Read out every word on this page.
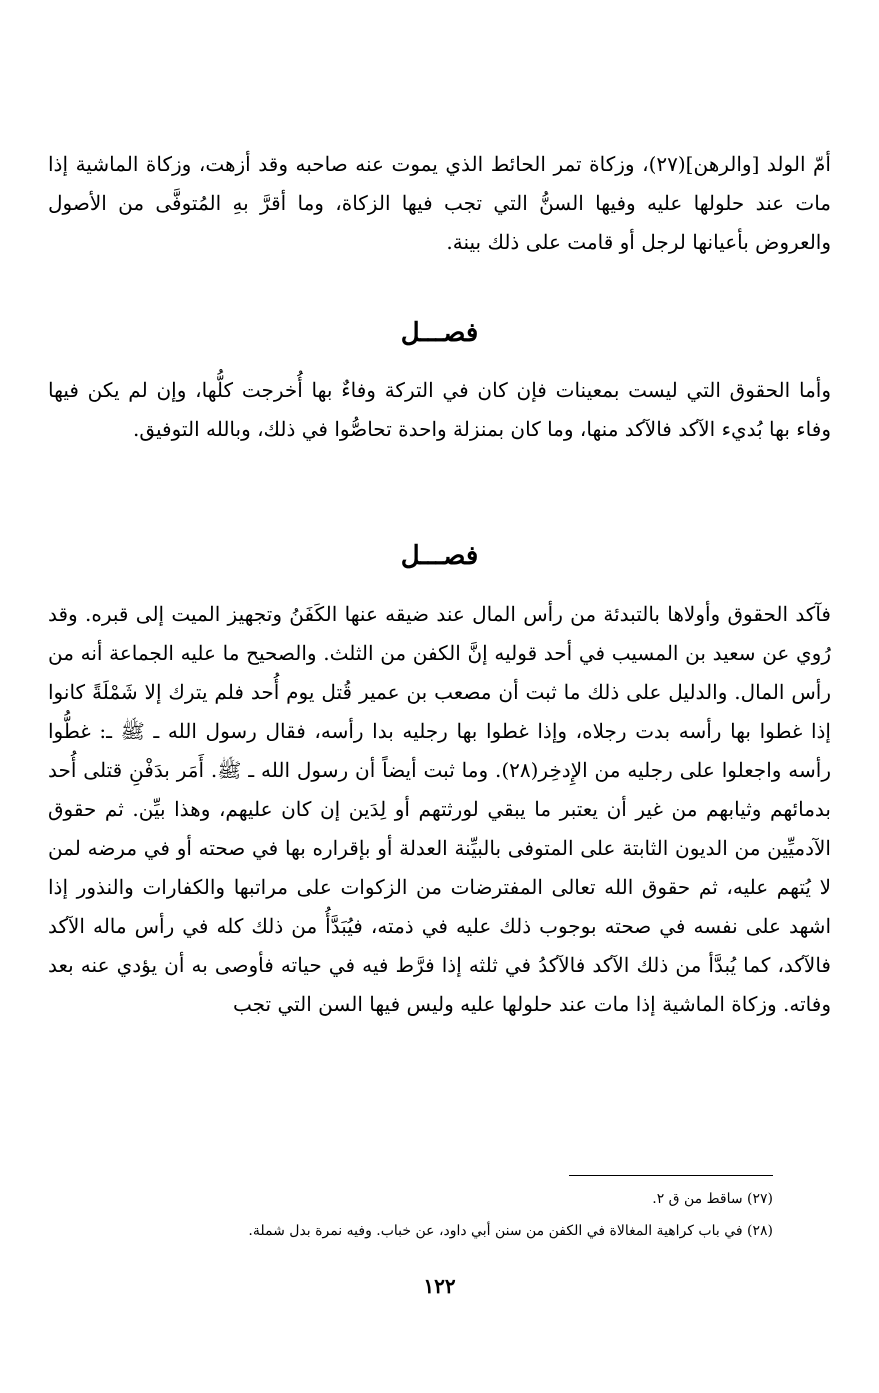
أمّ الولد [والرهن](٢٧)، وزكاة تمر الحائط الذي يموت عنه صاحبه وقد أزهت، وزكاة الماشية إذا مات عند حلولها عليه وفيها السنُّ التي تجب فيها الزكاة، وما أقرَّ بهِ المُتوفَّى من الأصول والعروض بأعيانها لرجل أو قامت على ذلك بينة.

فصـــل

وأما الحقوق التي ليست بمعينات فإن كان في التركة وفاءٌ بها أُخرجت كلُّها، وإن لم يكن فيها وفاء بها بُديء الآكد فالآكد منها، وما كان بمنزلة واحدة تحاصُّوا في ذلك، وبالله التوفيق.

فصـــل

فآكد الحقوق وأولاها بالتبدئة من رأس المال عند ضيقه عنها الكَفَنُ وتجهيز الميت إلى قبره. وقد رُوي عن سعيد بن المسيب في أحد قوليه إنَّ الكفن من الثلث. والصحيح ما عليه الجماعة أنه من رأس المال. والدليل على ذلك ما ثبت أن مصعب بن عمير قُتل يوم أُحد فلم يترك إلا شَمْلَةً كانوا إذا غطوا بها رأسه بدت رجلاه، وإذا غطوا بها رجليه بدا رأسه، فقال رسول الله ـ ﷺ ـ: غطُّوا رأسه واجعلوا على رجليه من الإِدخِر(٢٨). وما ثبت أيضاً أن رسول الله ـ ﷺ. أَمَر بدَفْنِ قتلى أُحد بدمائهم وثيابهم من غير أن يعتبر ما يبقي لورثتهم أو لِدَين إن كان عليهم، وهذا بيِّن. ثم حقوق الآدميِّين من الديون الثابتة على المتوفى بالبيِّنة العدلة أو بإقراره بها في صحته أو في مرضه لمن لا يُتهم عليه، ثم حقوق الله تعالى المفترضات من الزكوات على مراتبها والكفارات والنذور إذا اشهد على نفسه في صحته بوجوب ذلك عليه في ذمته، فيُبَدَّأُ من ذلك كله في رأس ماله الآكد فالآكد، كما يُبدَّأ من ذلك الآكد فالآكدُ في ثلثه إذا فرَّط فيه في حياته فأوصى به أن يؤدي عنه بعد وفاته. وزكاة الماشية إذا مات عند حلولها عليه وليس فيها السن التي تجب

(٢٧) ساقط من ق ٢.

(٢٨) في باب كراهية المغالاة في الكفن من سنن أبي داود، عن خباب. وفيه نمرة بدل شملة.

١٢٢
